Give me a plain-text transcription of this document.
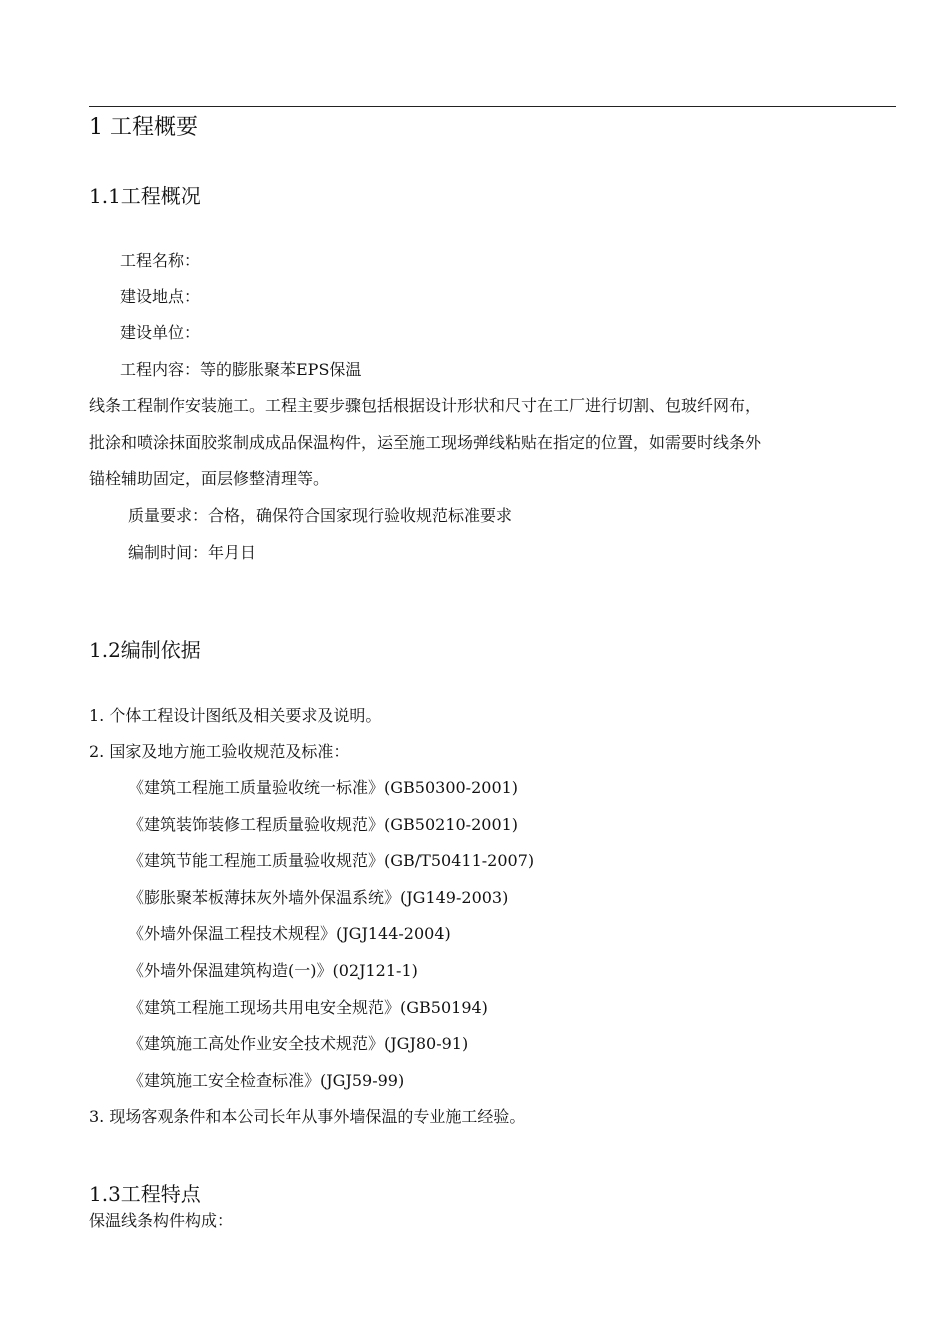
1 工程概要
1.1工程概况
工程名称：
建设地点：
建设单位：
工程内容：等的膨胀聚苯EPS保温
线条工程制作安装施工。工程主要步骤包括根据设计形状和尺寸在工厂进行切割、包玻纤网布，
批涂和喷涂抹面胶浆制成成品保温构件，运至施工现场弹线粘贴在指定的位置，如需要时线条外
锚栓辅助固定，面层修整清理等。
质量要求：合格，确保符合国家现行验收规范标准要求
编制时间：年月日
1.2编制依据
1. 个体工程设计图纸及相关要求及说明。
2. 国家及地方施工验收规范及标准：
《建筑工程施工质量验收统一标准》(GB50300-2001)
《建筑装饰装修工程质量验收规范》(GB50210-2001)
《建筑节能工程施工质量验收规范》(GB/T50411-2007)
《膨胀聚苯板薄抹灰外墙外保温系统》(JG149-2003)
《外墙外保温工程技术规程》(JGJ144-2004)
《外墙外保温建筑构造(一)》(02J121-1)
《建筑工程施工现场共用电安全规范》(GB50194)
《建筑施工高处作业安全技术规范》(JGJ80-91)
《建筑施工安全检查标准》(JGJ59-99)
3. 现场客观条件和本公司长年从事外墙保温的专业施工经验。
1.3工程特点
保温线条构件构成：
